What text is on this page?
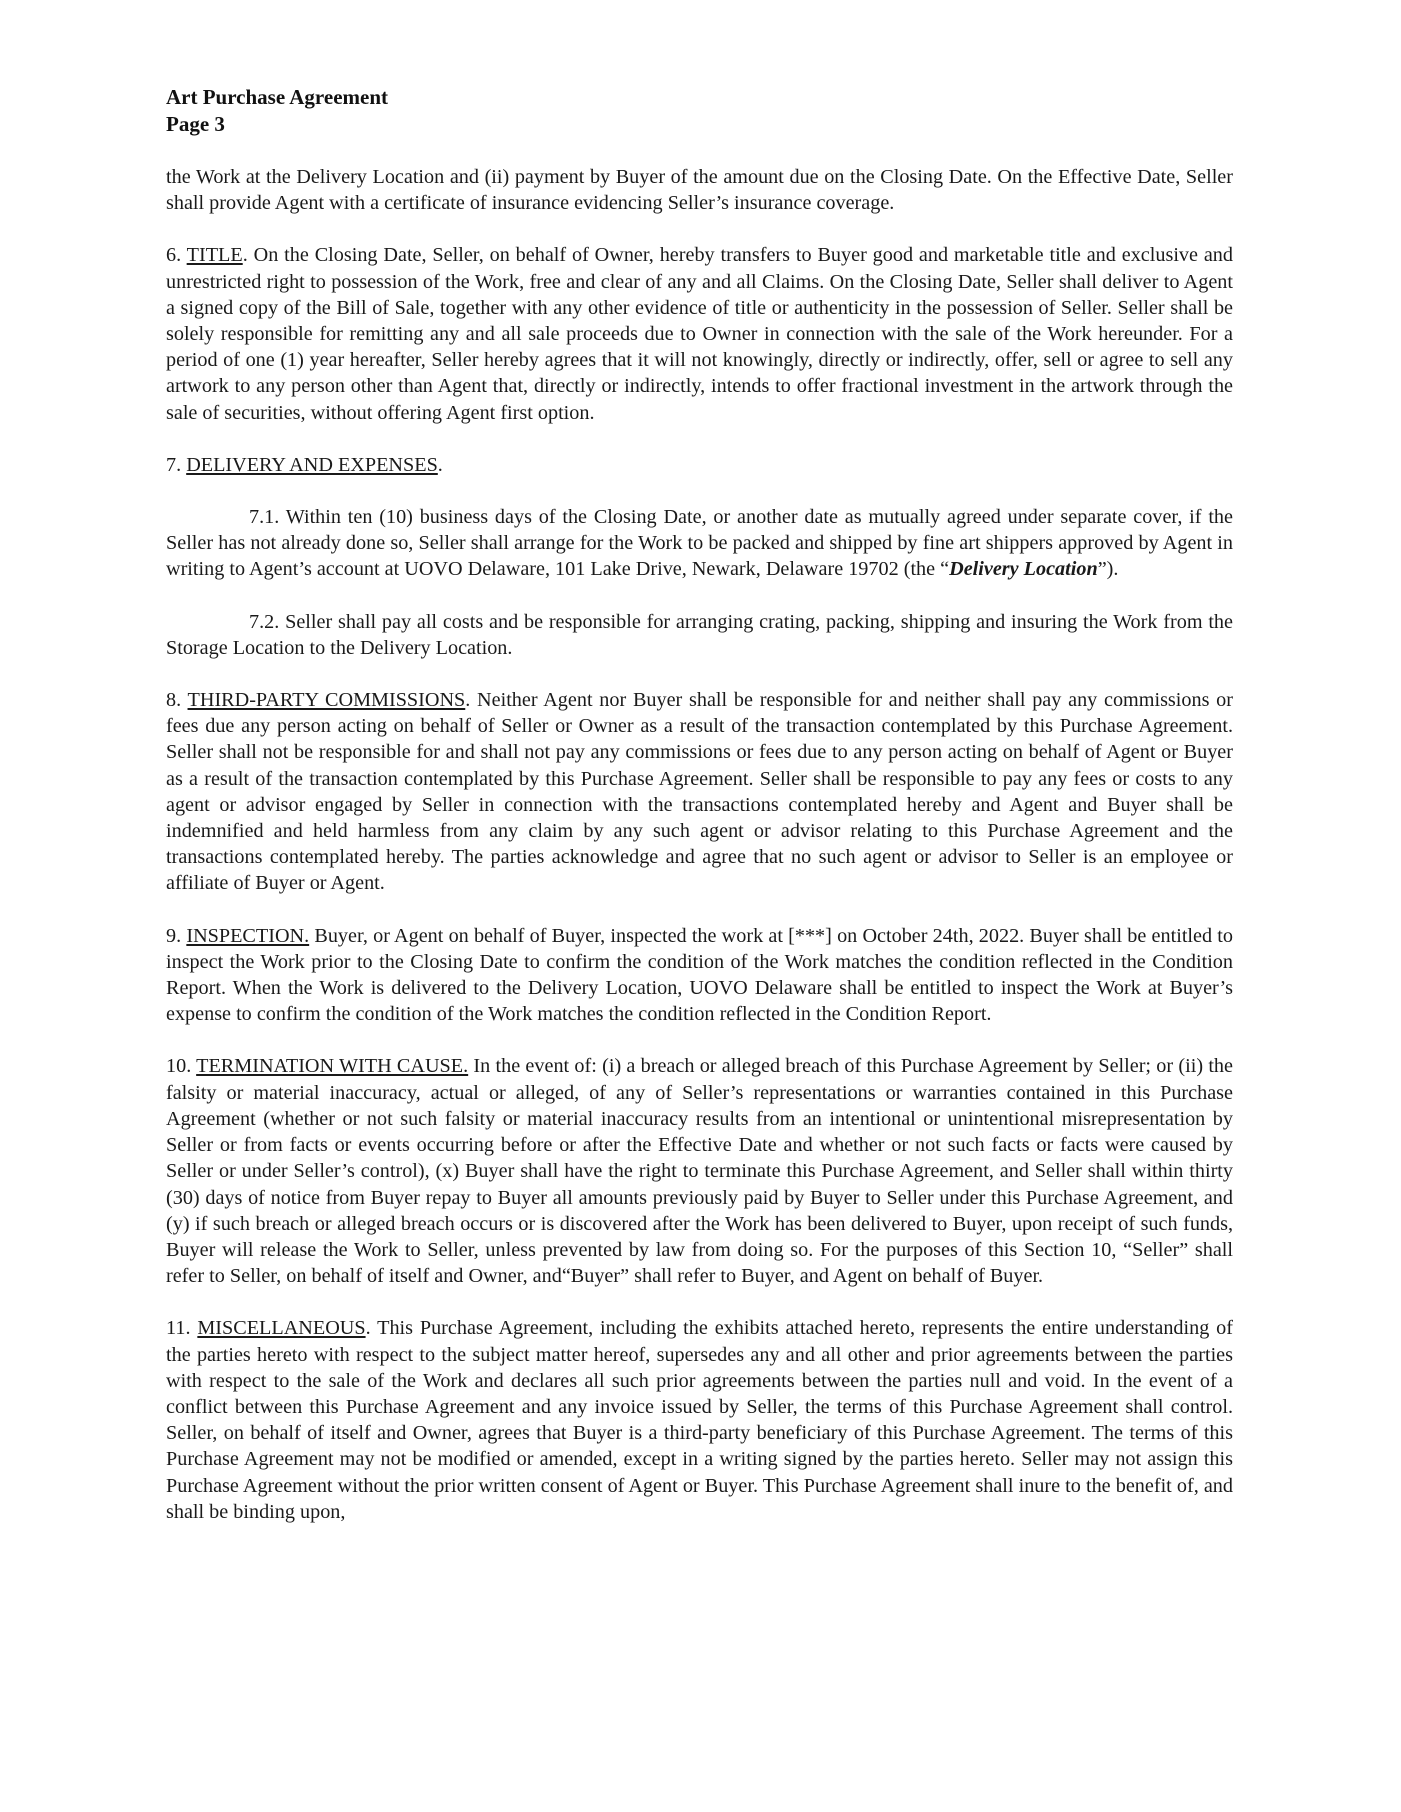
Art Purchase Agreement
Page 3

the Work at the Delivery Location and (ii) payment by Buyer of the amount due on the Closing Date. On the Effective Date, Seller shall provide Agent with a certificate of insurance evidencing Seller’s insurance coverage.

6. TITLE. On the Closing Date, Seller, on behalf of Owner, hereby transfers to Buyer good and marketable title and exclusive and unrestricted right to possession of the Work, free and clear of any and all Claims. On the Closing Date, Seller shall deliver to Agent a signed copy of the Bill of Sale, together with any other evidence of title or authenticity in the possession of Seller. Seller shall be solely responsible for remitting any and all sale proceeds due to Owner in connection with the sale of the Work hereunder. For a period of one (1) year hereafter, Seller hereby agrees that it will not knowingly, directly or indirectly, offer, sell or agree to sell any artwork to any person other than Agent that, directly or indirectly, intends to offer fractional investment in the artwork through the sale of securities, without offering Agent first option.

7. DELIVERY AND EXPENSES.

7.1. Within ten (10) business days of the Closing Date, or another date as mutually agreed under separate cover, if the Seller has not already done so, Seller shall arrange for the Work to be packed and shipped by fine art shippers approved by Agent in writing to Agent’s account at UOVO Delaware, 101 Lake Drive, Newark, Delaware 19702 (the “Delivery Location”).

7.2. Seller shall pay all costs and be responsible for arranging crating, packing, shipping and insuring the Work from the Storage Location to the Delivery Location.

8. THIRD-PARTY COMMISSIONS. Neither Agent nor Buyer shall be responsible for and neither shall pay any commissions or fees due any person acting on behalf of Seller or Owner as a result of the transaction contemplated by this Purchase Agreement. Seller shall not be responsible for and shall not pay any commissions or fees due to any person acting on behalf of Agent or Buyer as a result of the transaction contemplated by this Purchase Agreement. Seller shall be responsible to pay any fees or costs to any agent or advisor engaged by Seller in connection with the transactions contemplated hereby and Agent and Buyer shall be indemnified and held harmless from any claim by any such agent or advisor relating to this Purchase Agreement and the transactions contemplated hereby. The parties acknowledge and agree that no such agent or advisor to Seller is an employee or affiliate of Buyer or Agent.

9. INSPECTION. Buyer, or Agent on behalf of Buyer, inspected the work at [***] on October 24th, 2022. Buyer shall be entitled to inspect the Work prior to the Closing Date to confirm the condition of the Work matches the condition reflected in the Condition Report. When the Work is delivered to the Delivery Location, UOVO Delaware shall be entitled to inspect the Work at Buyer’s expense to confirm the condition of the Work matches the condition reflected in the Condition Report.

10. TERMINATION WITH CAUSE. In the event of: (i) a breach or alleged breach of this Purchase Agreement by Seller; or (ii) the falsity or material inaccuracy, actual or alleged, of any of Seller’s representations or warranties contained in this Purchase Agreement (whether or not such falsity or material inaccuracy results from an intentional or unintentional misrepresentation by Seller or from facts or events occurring before or after the Effective Date and whether or not such facts or facts were caused by Seller or under Seller’s control), (x) Buyer shall have the right to terminate this Purchase Agreement, and Seller shall within thirty (30) days of notice from Buyer repay to Buyer all amounts previously paid by Buyer to Seller under this Purchase Agreement, and (y) if such breach or alleged breach occurs or is discovered after the Work has been delivered to Buyer, upon receipt of such funds, Buyer will release the Work to Seller, unless prevented by law from doing so. For the purposes of this Section 10, “Seller” shall refer to Seller, on behalf of itself and Owner, and“Buyer” shall refer to Buyer, and Agent on behalf of Buyer.

11. MISCELLANEOUS. This Purchase Agreement, including the exhibits attached hereto, represents the entire understanding of the parties hereto with respect to the subject matter hereof, supersedes any and all other and prior agreements between the parties with respect to the sale of the Work and declares all such prior agreements between the parties null and void. In the event of a conflict between this Purchase Agreement and any invoice issued by Seller, the terms of this Purchase Agreement shall control. Seller, on behalf of itself and Owner, agrees that Buyer is a third-party beneficiary of this Purchase Agreement. The terms of this Purchase Agreement may not be modified or amended, except in a writing signed by the parties hereto. Seller may not assign this Purchase Agreement without the prior written consent of Agent or Buyer. This Purchase Agreement shall inure to the benefit of, and shall be binding upon,
